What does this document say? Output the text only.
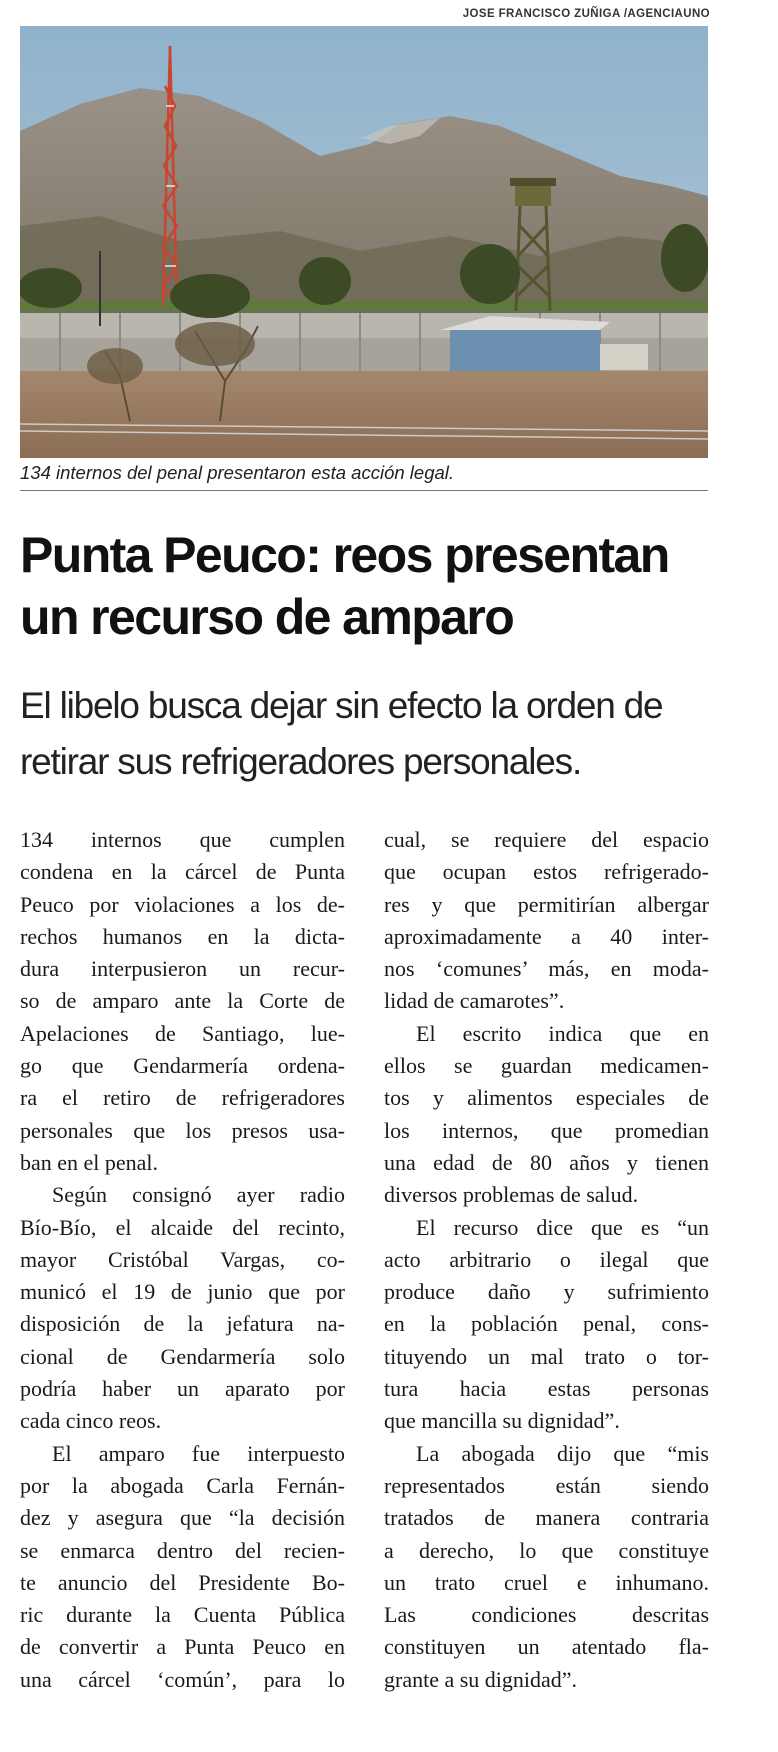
JOSE FRANCISCO ZUÑIGA /AGENCIAUNO
134 internos del penal presentaron esta acción legal.
Punta Peuco: reos presentan
un recurso de amparo
El libelo busca dejar sin efecto la orden de
retirar sus refrigeradores personales.

134 internos que cumplen
condena en la cárcel de Punta
Peuco por violaciones a los de-
rechos humanos en la dicta-
dura interpusieron un recur-
so de amparo ante la Corte de
Apelaciones de Santiago, lue-
go que Gendarmería ordena-
ra el retiro de refrigeradores
personales que los presos usa-
ban en el penal.

Según consignó ayer radio
Bío-Bío, el alcaide del recinto,
mayor Cristóbal Vargas, co-
municó el 19 de junio que por
disposición de la jefatura na-
cional de Gendarmería solo
podría haber un aparato por
cada cinco reos.

El amparo fue interpuesto
por la abogada Carla Fernán-
dez y asegura que “la decisión
se enmarca dentro del recien-
te anuncio del Presidente Bo-
ric durante la Cuenta Pública
de convertir a Punta Peuco en
una cárcel ‘común’, para lo

cual, se requiere del espacio
que ocupan estos refrigerado-
res y que permitirían albergar
aproximadamente a 40 inter-
nos ‘comunes’ más, en moda-
lidad de camarotes”.

El escrito indica que en
ellos se guardan medicamen-
tos y alimentos especiales de
los internos, que promedian
una edad de 80 años y tienen
diversos problemas de salud.

El recurso dice que es “un
acto arbitrario o ilegal que
produce daño y sufrimiento
en la población penal, cons-
tituyendo un mal trato o tor-
tura hacia estas personas
que mancilla su dignidad”.

La abogada dijo que “mis
representados están siendo
tratados de manera contraria
a derecho, lo que constituye
un trato cruel e inhumano.
Las condiciones descritas
constituyen un atentado fla-
grante a su dignidad”.
